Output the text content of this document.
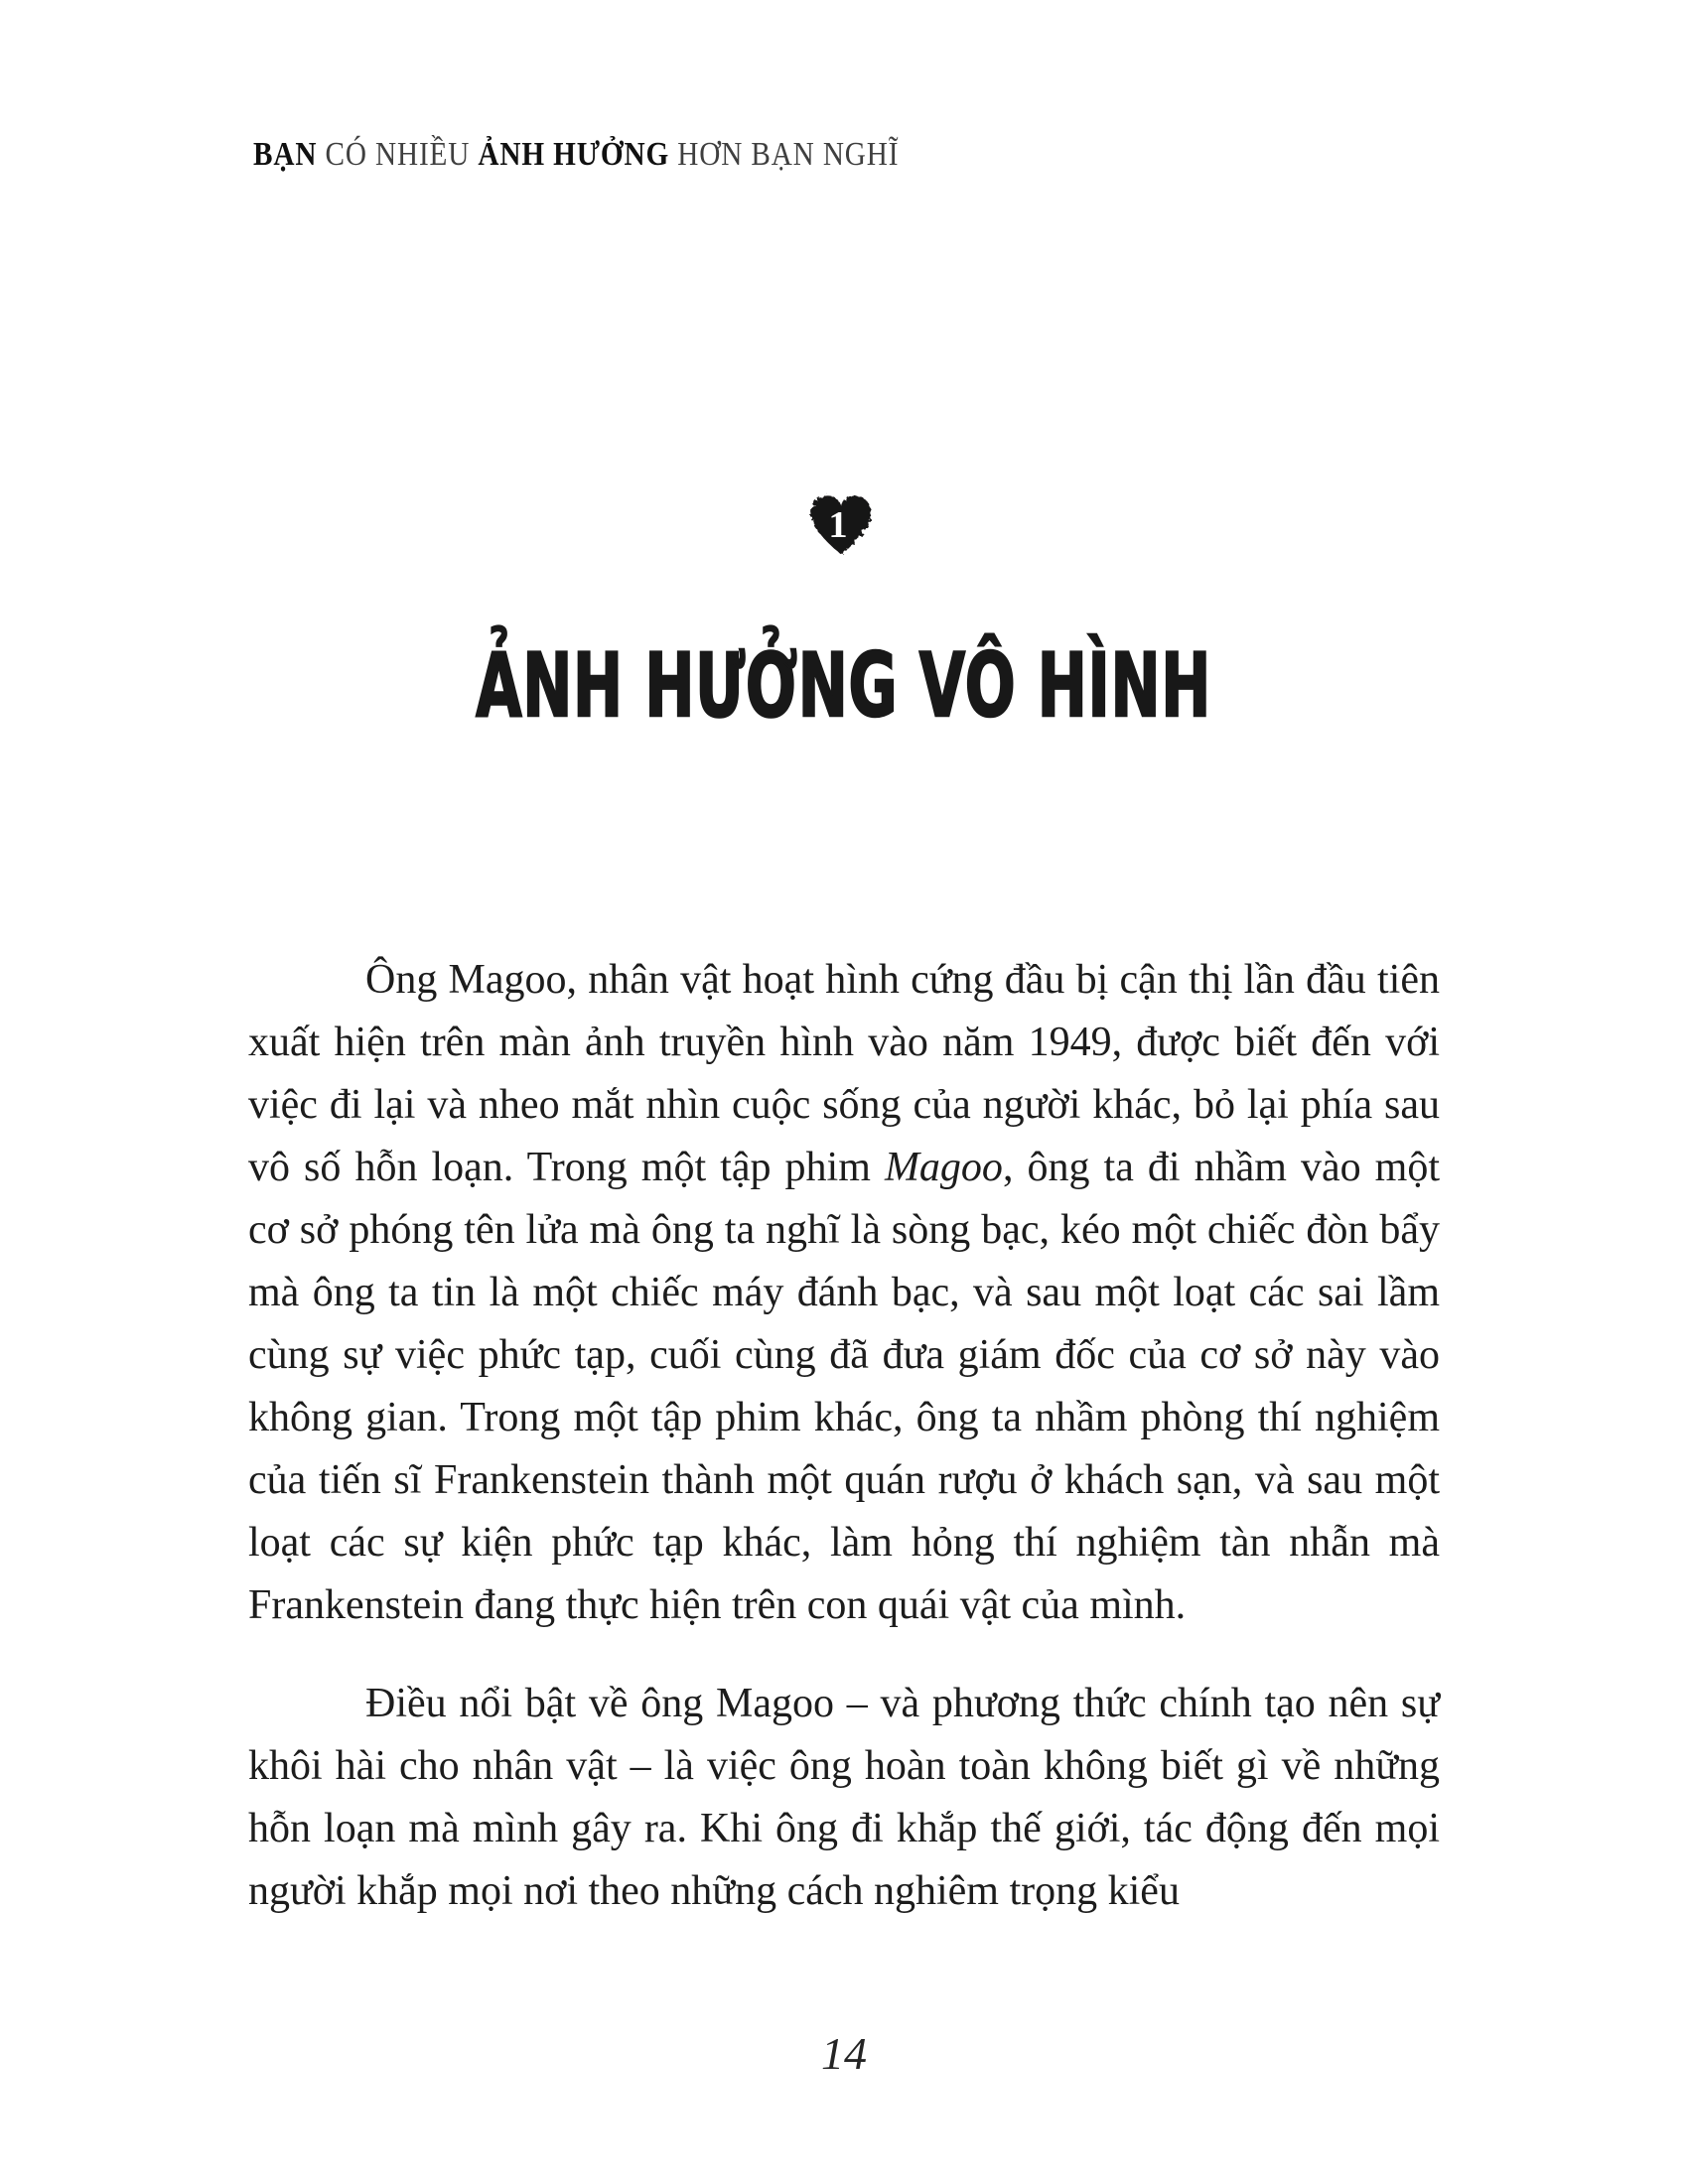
BẠN CÓ NHIỀU ẢNH HƯỞNG HƠN BẠN NGHĨ
1
ẢNH HƯỞNG VÔ HÌNH

Ông Magoo, nhân vật hoạt hình cứng đầu bị cận thị lần đầu tiên xuất hiện trên màn ảnh truyền hình vào năm 1949, được biết đến với việc đi lại và nheo mắt nhìn cuộc sống của người khác, bỏ lại phía sau vô số hỗn loạn. Trong một tập phim Magoo, ông ta đi nhầm vào một cơ sở phóng tên lửa mà ông ta nghĩ là sòng bạc, kéo một chiếc đòn bẩy mà ông ta tin là một chiếc máy đánh bạc, và sau một loạt các sai lầm cùng sự việc phức tạp, cuối cùng đã đưa giám đốc của cơ sở này vào không gian. Trong một tập phim khác, ông ta nhầm phòng thí nghiệm của tiến sĩ Frankenstein thành một quán rượu ở khách sạn, và sau một loạt các sự kiện phức tạp khác, làm hỏng thí nghiệm tàn nhẫn mà Frankenstein đang thực hiện trên con quái vật của mình.

Điều nổi bật về ông Magoo – và phương thức chính tạo nên sự khôi hài cho nhân vật – là việc ông hoàn toàn không biết gì về những hỗn loạn mà mình gây ra. Khi ông đi khắp thế giới, tác động đến mọi người khắp mọi nơi theo những cách nghiêm trọng kiểu

14
